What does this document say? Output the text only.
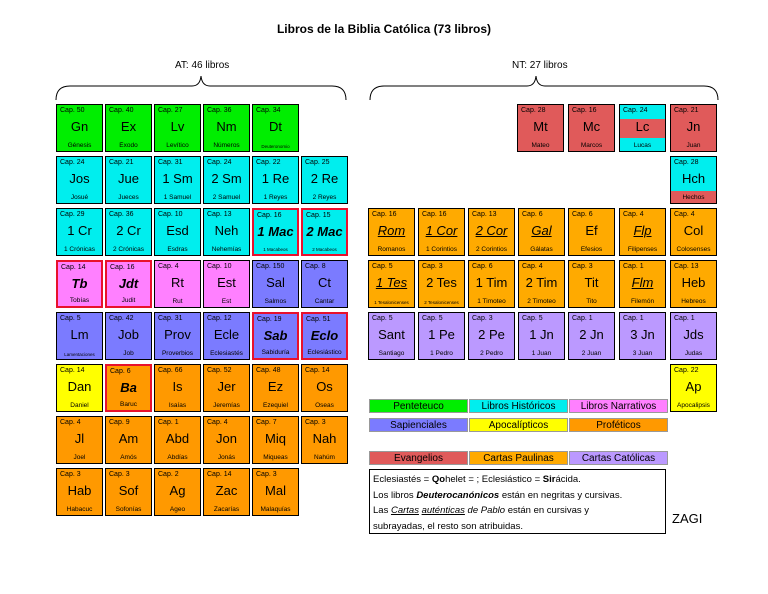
Libros de la Biblia Católica (73 libros)
AT: 46 libros	NT: 27 libros
Cap. 50
Gn
Génesis
Cap. 40
Ex
Éxodo
Cap. 27
Lv
Levítico
Cap. 36
Nm
Números
Cap. 34
Dt
Deuteronomio
Cap. 24
Jos
Josué
Cap. 21
Jue
Jueces
Cap. 31
1 Sm
1 Samuel
Cap. 24
2 Sm
2 Samuel
Cap. 22
1 Re
1 Reyes
Cap. 25
2 Re
2 Reyes
Cap. 29
1 Cr
1 Crónicas
Cap. 36
2 Cr
2 Crónicas
Cap. 10
Esd
Esdras
Cap. 13
Neh
Nehemías
Cap. 16
1 Mac
1 Macabeos
Cap. 15
2 Mac
2 Macabeos
Cap. 14
Tb
Tobías
Cap. 16
Jdt
Judit
Cap. 4
Rt
Rut
Cap. 10
Est
Est
Cap. 150
Sal
Salmos
Cap. 8
Ct
Cantar
Cap. 5
Lm
Lamentaciones
Cap. 42
Job
Job
Cap. 31
Prov
Proverbios
Cap. 12
Ecle
Eclesiastés
Cap. 19
Sab
Sabiduría
Cap. 51
Eclo
Eclesiástico
Cap. 14
Dan
Daniel
Cap. 6
Ba
Baruc
Cap. 66
Is
Isaías
Cap. 52
Jer
Jeremías
Cap. 48
Ez
Ezequiel
Cap. 14
Os
Oseas
Cap. 4
Jl
Joel
Cap. 9
Am
Amós
Cap. 1
Abd
Abdías
Cap. 4
Jon
Jonás
Cap. 7
Miq
Miqueas
Cap. 3
Nah
Nahúm
Cap. 3
Hab
Habacuc
Cap. 3
Sof
Sofonías
Cap. 2
Ag
Ageo
Cap. 14
Zac
Zacarías
Cap. 3
Mal
Malaquías
Cap. 28
Mt
Mateo
Cap. 16
Mc
Marcos
Cap. 24
Lc
Lucas
Cap. 21
Jn
Juan
Cap. 28
Hch
Hechos
Cap. 16
Rom
Romanos
Cap. 16
1 Cor
1 Corintios
Cap. 13
2 Cor
2 Corintios
Cap. 6
Gal
Gálatas
Cap. 6
Ef
Efesios
Cap. 4
Flp
Filipenses
Cap. 4
Col
Colosenses
Cap. 5
1 Tes
1 Tesalonicenses
Cap. 3
2 Tes
2 Tesalonicenses
Cap. 6
1 Tim
1 Timoteo
Cap. 4
2 Tim
2 Timoteo
Cap. 3
Tit
Tito
Cap. 1
Flm
Filemón
Cap. 13
Heb
Hebreos
Cap. 5
Sant
Santiago
Cap. 5
1 Pe
1 Pedro
Cap. 3
2 Pe
2 Pedro
Cap. 5
1 Jn
1 Juan
Cap. 1
2 Jn
2 Juan
Cap. 1
3 Jn
3 Juan
Cap. 1
Jds
Judas
Cap. 22
Ap
Apocalipsis
Penteteuco	Libros Históricos	Libros Narrativos
Sapienciales	Apocalípticos	Proféticos
Evangelios	Cartas Paulinas	Cartas Católicas
Eclesiastés = Qohelet = ; Eclesiástico = Sirácida.
Los libros Deuterocanónicos están en negritas y cursivas.
Las Cartas auténticas de Pablo están en cursivas y
subrayadas, el resto son atribuidas.	ZAGI
